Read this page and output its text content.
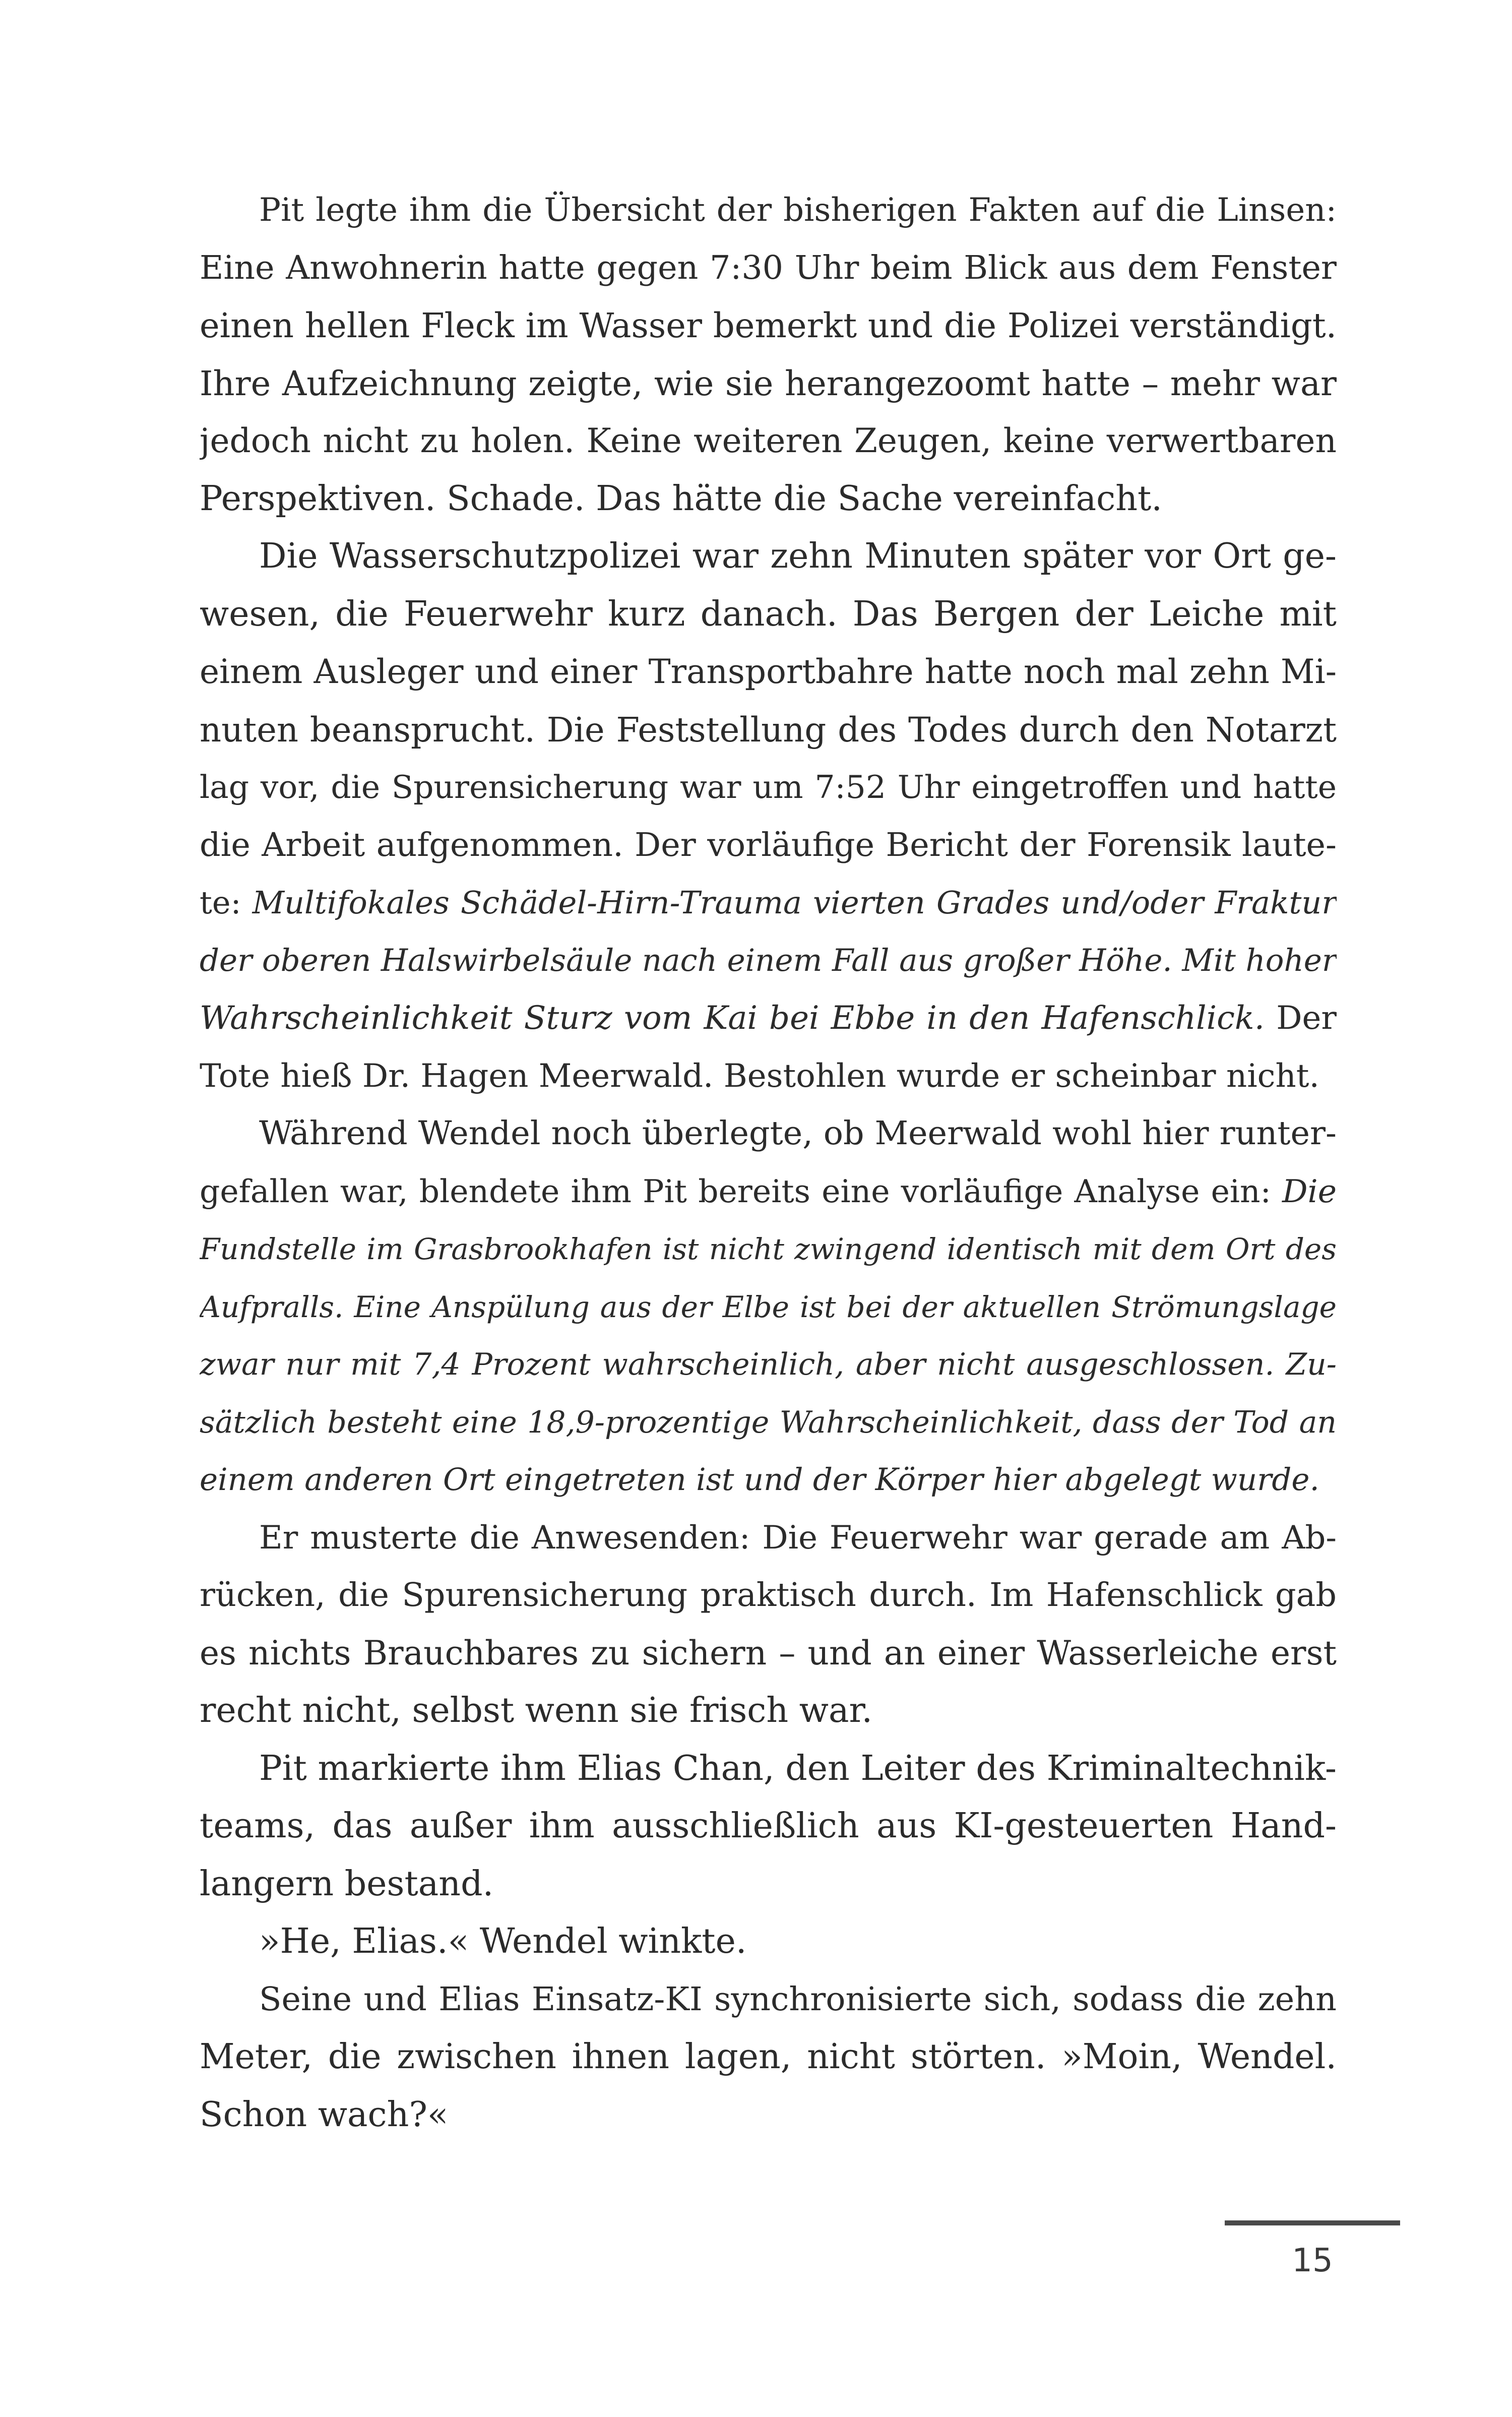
Pit legte ihm die Übersicht der bisherigen Fakten auf die Linsen:
Eine Anwohnerin hatte gegen 7:30 Uhr beim Blick aus dem Fenster
einen hellen Fleck im Wasser bemerkt und die Polizei verständigt.
Ihre Aufzeichnung zeigte, wie sie herangezoomt hatte – mehr war
jedoch nicht zu holen. Keine weiteren Zeugen, keine verwertbaren
Perspektiven. Schade. Das hätte die Sache vereinfacht.
Die Wasserschutzpolizei war zehn Minuten später vor Ort ge-
wesen, die Feuerwehr kurz danach. Das Bergen der Leiche mit
einem Ausleger und einer Transportbahre hatte noch mal zehn Mi-
nuten beansprucht. Die Feststellung des Todes durch den Notarzt
lag vor, die Spurensicherung war um 7:52 Uhr eingetroffen und hatte
die Arbeit aufgenommen. Der vorläufige Bericht der Forensik laute-
te: Multifokales Schädel-Hirn-Trauma vierten Grades und/oder Fraktur
der oberen Halswirbelsäule nach einem Fall aus großer Höhe. Mit hoher
Wahrscheinlichkeit Sturz vom Kai bei Ebbe in den Hafenschlick. Der
Tote hieß Dr. Hagen Meerwald. Bestohlen wurde er scheinbar nicht.
Während Wendel noch überlegte, ob Meerwald wohl hier runter-
gefallen war, blendete ihm Pit bereits eine vorläufige Analyse ein: Die
Fundstelle im Grasbrookhafen ist nicht zwingend identisch mit dem Ort des
Aufpralls. Eine Anspülung aus der Elbe ist bei der aktuellen Strömungslage
zwar nur mit 7,4 Prozent wahrscheinlich, aber nicht ausgeschlossen. Zu-
sätzlich besteht eine 18,9-prozentige Wahrscheinlichkeit, dass der Tod an
einem anderen Ort eingetreten ist und der Körper hier abgelegt wurde.
Er musterte die Anwesenden: Die Feuerwehr war gerade am Ab-
rücken, die Spurensicherung praktisch durch. Im Hafenschlick gab
es nichts Brauchbares zu sichern – und an einer Wasserleiche erst
recht nicht, selbst wenn sie frisch war.
Pit markierte ihm Elias Chan, den Leiter des Kriminaltechnik-
teams, das außer ihm ausschließlich aus KI-gesteuerten Hand-
langern bestand.
»He, Elias.« Wendel winkte.
Seine und Elias Einsatz-KI synchronisierte sich, sodass die zehn
Meter, die zwischen ihnen lagen, nicht störten. »Moin, Wendel.
Schon wach?«
15
